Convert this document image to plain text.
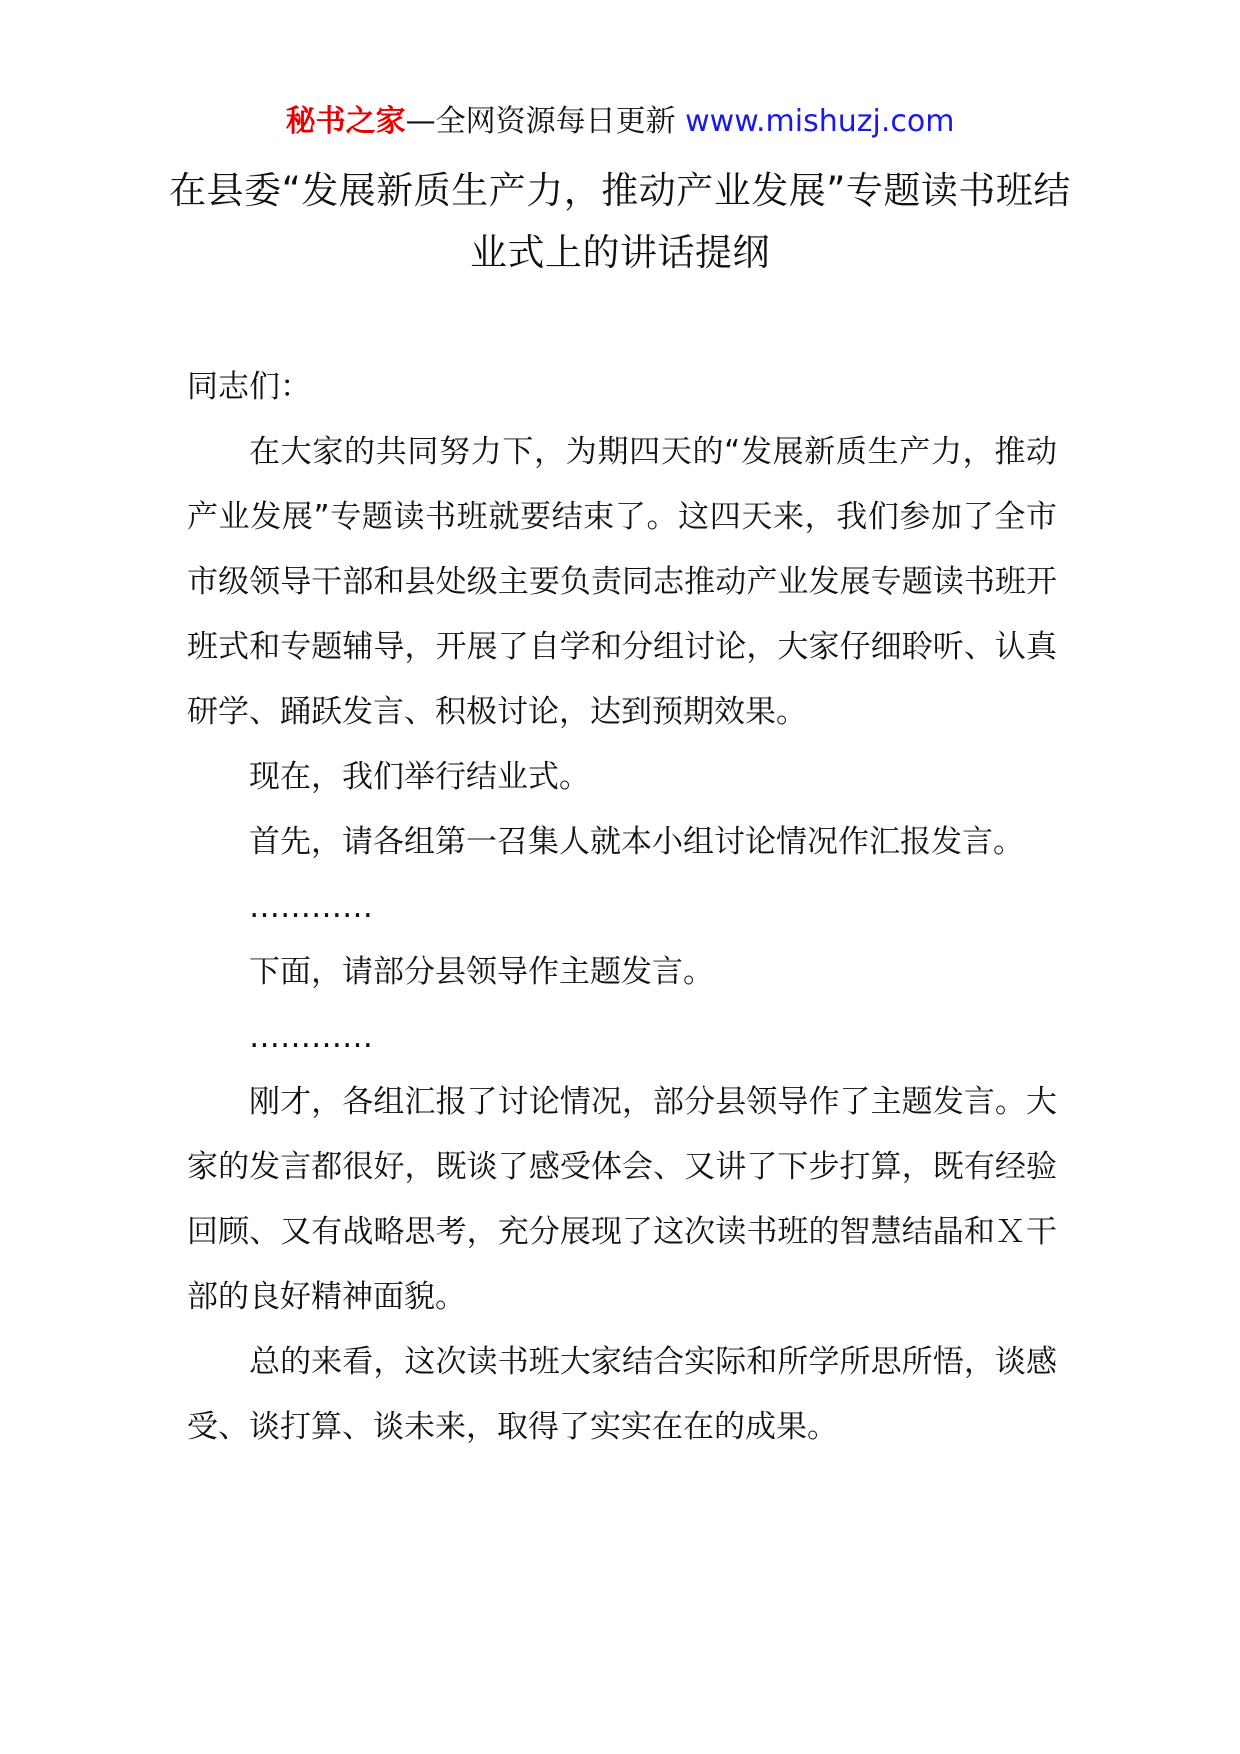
秘书之家—全网资源每日更新 www.mishuzj.com
在县委“发展新质生产力，推动产业发展”专题读书班结业式上的讲话提纲

同志们：

在大家的共同努力下，为期四天的“发展新质生产力，推动产业发展”专题读书班就要结束了。这四天来，我们参加了全市市级领导干部和县处级主要负责同志推动产业发展专题读书班开班式和专题辅导，开展了自学和分组讨论，大家仔细聆听、认真研学、踊跃发言、积极讨论，达到预期效果。

现在，我们举行结业式。

首先，请各组第一召集人就本小组讨论情况作汇报发言。

…………

下面，请部分县领导作主题发言。

…………

刚才，各组汇报了讨论情况，部分县领导作了主题发言。大家的发言都很好，既谈了感受体会、又讲了下步打算，既有经验回顾、又有战略思考，充分展现了这次读书班的智慧结晶和Ｘ干部的良好精神面貌。

总的来看，这次读书班大家结合实际和所学所思所悟，谈感受、谈打算、谈未来，取得了实实在在的成果。
